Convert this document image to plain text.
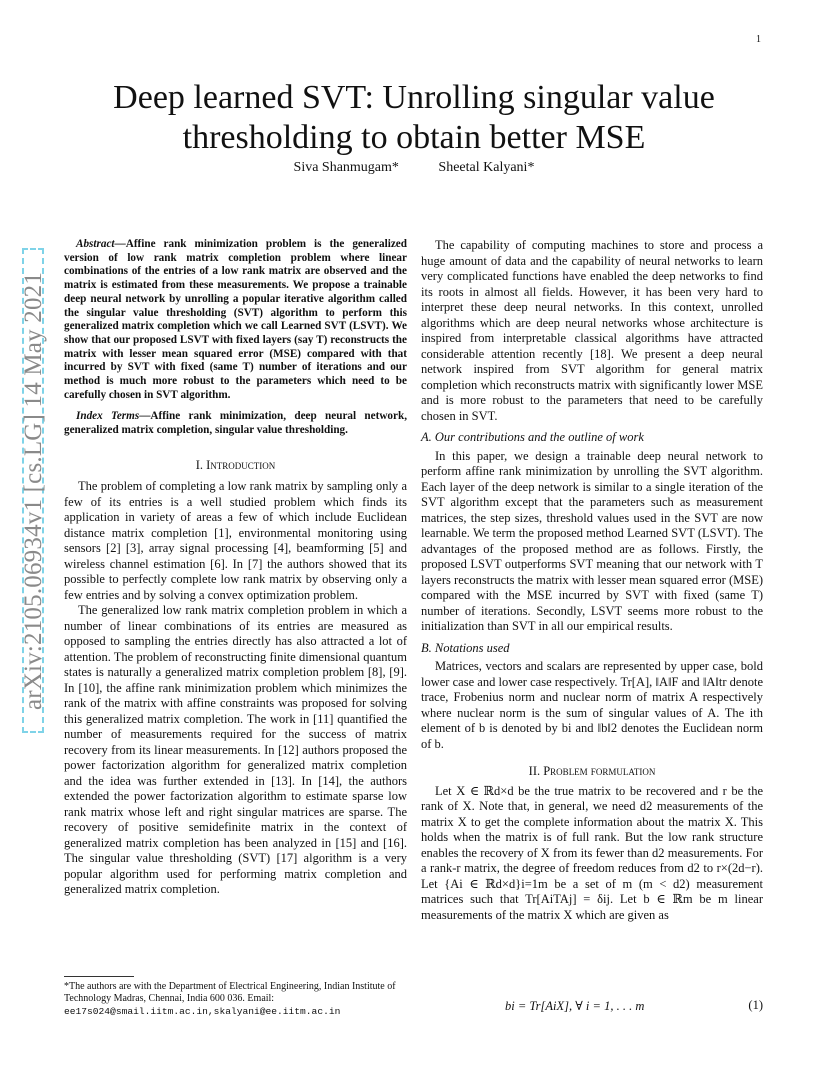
1
arXiv:2105.06934v1 [cs.LG] 14 May 2021
Deep learned SVT: Unrolling singular value
thresholding to obtain better MSE
Siva Shanmugam*	Sheetal Kalyani*

Abstract—Affine rank minimization problem is the generalized version of low rank matrix completion problem where linear combinations of the entries of a low rank matrix are observed and the matrix is estimated from these measurements. We propose a trainable deep neural network by unrolling a popular iterative algorithm called the singular value thresholding (SVT) algorithm to perform this generalized matrix completion which we call Learned SVT (LSVT). We show that our proposed LSVT with fixed layers (say T) reconstructs the matrix with lesser mean squared error (MSE) compared with that incurred by SVT with fixed (same T) number of iterations and our method is much more robust to the parameters which need to be carefully chosen in SVT algorithm.

Index Terms—Affine rank minimization, deep neural network, generalized matrix completion, singular value thresholding.

I. Introduction

The problem of completing a low rank matrix by sampling only a few of its entries is a well studied problem which finds its application in variety of areas a few of which include Euclidean distance matrix completion [1], environmental monitoring using sensors [2] [3], array signal processing [4], beamforming [5] and wireless channel estimation [6]. In [7] the authors showed that its possible to perfectly complete low rank matrix by observing only a few entries and by solving a convex optimization problem.

The generalized low rank matrix completion problem in which a number of linear combinations of its entries are measured as opposed to sampling the entries directly has also attracted a lot of attention. The problem of reconstructing finite dimensional quantum states is naturally a generalized matrix completion problem [8], [9]. In [10], the affine rank minimization problem which minimizes the rank of the matrix with affine constraints was proposed for solving this generalized matrix completion. The work in [11] quantified the number of measurements required for the success of matrix recovery from its linear measurements. In [12] authors proposed the power factorization algorithm for generalized matrix completion and the idea was further extended in [13]. In [14], the authors extended the power factorization algorithm to estimate sparse low rank matrix whose left and right singular matrices are sparse. The recovery of positive semidefinite matrix in the context of generalized matrix completion has been analyzed in [15] and [16]. The singular value thresholding (SVT) [17] algorithm is a very popular algorithm used for performing matrix completion and generalized matrix completion.

*The authors are with the Department of Electrical Engineering, Indian Institute of Technology Madras, Chennai, India 600 036. Email: ee17s024@smail.iitm.ac.in,skalyani@ee.iitm.ac.in

The capability of computing machines to store and process a huge amount of data and the capability of neural networks to learn very complicated functions have enabled the deep networks to find its roots in almost all fields. However, it has been very hard to interpret these deep neural networks. In this context, unrolled algorithms which are deep neural networks whose architecture is inspired from interpretable classical algorithms have attracted considerable attention recently [18]. We present a deep neural network inspired from SVT algorithm for general matrix completion which reconstructs matrix with significantly lower MSE and is more robust to the parameters that need to be carefully chosen in SVT.

A. Our contributions and the outline of work

In this paper, we design a trainable deep neural network to perform affine rank minimization by unrolling the SVT algorithm. Each layer of the deep network is similar to a single iteration of the SVT algorithm except that the parameters such as measurement matrices, the step sizes, threshold values used in the SVT are now learnable. We term the proposed method Learned SVT (LSVT). The advantages of the proposed method are as follows. Firstly, the proposed LSVT outperforms SVT meaning that our network with T layers reconstructs the matrix with lesser mean squared error (MSE) compared with the MSE incurred by SVT with fixed (same T) number of iterations. Secondly, LSVT seems more robust to the initialization than SVT in all our empirical results.

B. Notations used

Matrices, vectors and scalars are represented by upper case, bold lower case and lower case respectively. Tr[A], ‖A‖F and ‖A‖tr denote trace, Frobenius norm and nuclear norm of matrix A respectively where nuclear norm is the sum of singular values of A. The ith element of b is denoted by bi and ‖b‖2 denotes the Euclidean norm of b.

II. Problem formulation

Let X ∈ ℝd×d be the true matrix to be recovered and r be the rank of X. Note that, in general, we need d2 measurements of the matrix X to get the complete information about the matrix X. This holds when the matrix is of full rank. But the low rank structure enables the recovery of X from its fewer than d2 measurements. For a rank-r matrix, the degree of freedom reduces from d2 to r×(2d−r). Let {Ai ∈ ℝd×d}i=1m be a set of m (m < d2) measurement matrices such that Tr[AiTAj] = δij. Let b ∈ ℝm be m linear measurements of the matrix X which are given as

bi = Tr[AiX], ∀ i = 1, . . . m	(1)
